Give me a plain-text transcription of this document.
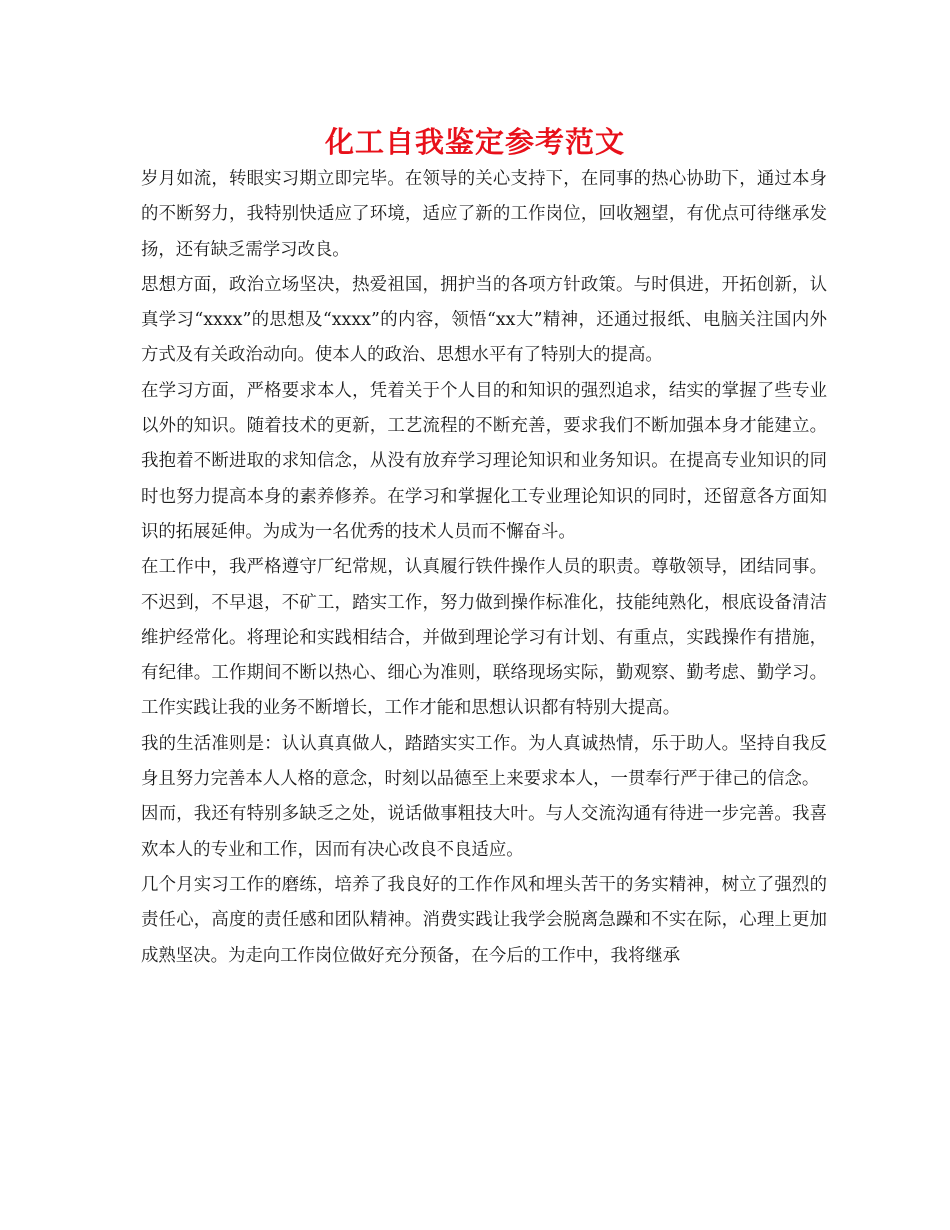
化工自我鉴定参考范文

岁月如流，转眼实习期立即完毕。在领导的关心支持下，在同事的热心协助下，通过本身的不断努力，我特别快适应了环境，适应了新的工作岗位，回收翘望，有优点可待继承发扬，还有缺乏需学习改良。

思想方面，政治立场坚决，热爱祖国，拥护当的各项方针政策。与时俱进，开拓创新，认真学习“xxxx”的思想及“xxxx”的内容，领悟“xx大”精神，还通过报纸、电脑关注国内外方式及有关政治动向。使本人的政治、思想水平有了特别大的提高。

在学习方面，严格要求本人，凭着关于个人目的和知识的强烈追求，结实的掌握了些专业以外的知识。随着技术的更新，工艺流程的不断充善，要求我们不断加强本身才能建立。我抱着不断进取的求知信念，从没有放弃学习理论知识和业务知识。在提高专业知识的同时也努力提高本身的素养修养。在学习和掌握化工专业理论知识的同时，还留意各方面知识的拓展延伸。为成为一名优秀的技术人员而不懈奋斗。

在工作中，我严格遵守厂纪常规，认真履行铁件操作人员的职责。尊敬领导，团结同事。不迟到，不早退，不矿工，踏实工作，努力做到操作标准化，技能纯熟化，根底设备清洁维护经常化。将理论和实践相结合，并做到理论学习有计划、有重点，实践操作有措施，有纪律。工作期间不断以热心、细心为准则，联络现场实际，勤观察、勤考虑、勤学习。工作实践让我的业务不断增长，工作才能和思想认识都有特别大提高。

我的生活准则是：认认真真做人，踏踏实实工作。为人真诚热情，乐于助人。坚持自我反身且努力完善本人人格的意念，时刻以品德至上来要求本人，一贯奉行严于律己的信念。

因而，我还有特别多缺乏之处，说话做事粗技大叶。与人交流沟通有待进一步完善。我喜欢本人的专业和工作，因而有决心改良不良适应。

几个月实习工作的磨练，培养了我良好的工作作风和埋头苦干的务实精神，树立了强烈的责任心，高度的责任感和团队精神。消费实践让我学会脱离急躁和不实在际，心理上更加成熟坚决。为走向工作岗位做好充分预备，在今后的工作中，我将继承
